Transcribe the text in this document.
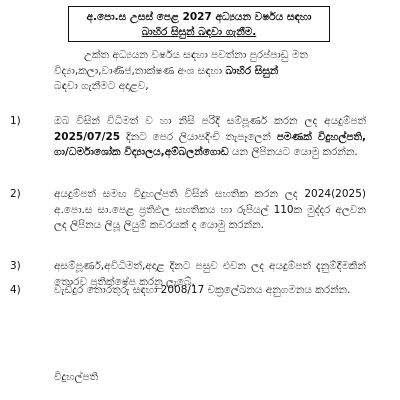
අ.පො.ස උසස් පෙළ 2027 අධ්‍යයන වර්ෂය සඳහා
බාහිර සිසුන් බඳවා ගැනීම.
උක්ත අධ්‍යයන වර්ෂය සඳහා පවත්නා පුරප්පාඩු මත
විද්‍යා,කලා,වාණිජ,තාක්ෂණ අංශ සඳහා බාහිර සිසුන්
බඳවා ගැනීමට අදාළව,
1)	ඔබ විසින් විධිමත් ව හා නිසි පරිදි සම්පූර්ණ කරන ලද අයදුම්පත් 2025/07/25 දිනට පෙර ලියාපදිංචි තැපෑලෙන් පමණක් විදුහල්පති, ගා/ධර්මාශෝක විද්‍යාලය,අම්බලන්ගොඩ යන ලිපිනයට යොමු කරන්න.
2)	අයදුම්පත් සමඟ විදුහල්පති විසින් සහතික කරන ලද 2024(2025) අ.පො.ස සා.පෙළ ප්‍රතිඵල සහතිකය හා රුපියල් 110ක මුද්දර අලවන ලද ලිපිනය ලියූ ලියුම් කවරයක් ද යොමු කරන්න.
3)	අසම්පූර්ණ,අවිධිමත්,අදාළ දිනට පසුව එවන ලද අයදුම්පත් දැනුම්දීමකින් තොරව ප්‍රතික්ෂේප කරනු ලැබේ.
4)	වැඩිදුර තොරතුරු සඳහා 2008/17 චක්‍රලේඛනය අනුගමනය කරන්න.
විදුහල්පති
